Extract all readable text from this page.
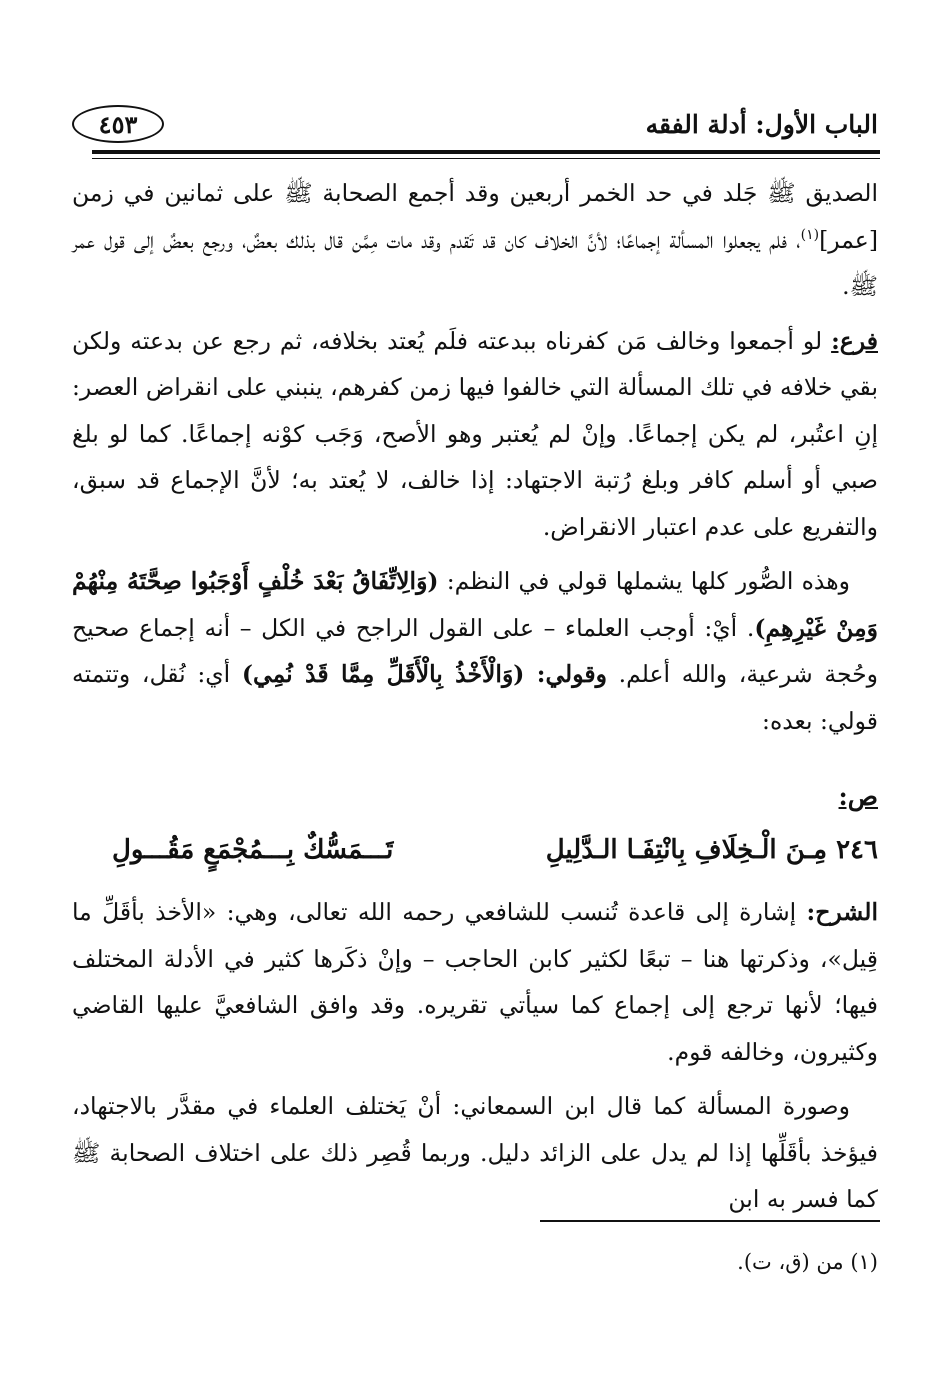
الباب الأول: أدلة الفقه
٤٥٣

الصديق ﷺ جَلد في حد الخمر أربعين وقد أجمع الصحابة ﷺ على ثمانين في زمن [عمر]$^{(١)}$، فلم يجعلوا المسألة إجماعًا؛ لأنَّ الخلاف كان قد تَقدم وقد مات مِمَّن قال بذلك بعضٌ، ورجع بعضٌ إلى قول عمر ﷺ.

فرع: لو أجمعوا وخالف مَن كفرناه ببدعته فلَم يُعتد بخلافه، ثم رجع عن بدعته ولكن بقي خلافه في تلك المسألة التي خالفوا فيها زمن كفرهم، ينبني على انقراض العصر: إنِ اعتُبر، لم يكن إجماعًا. وإنْ لم يُعتبر وهو الأصح، وَجَب كوْنه إجماعًا. كما لو بلغ صبي أو أسلم كافر وبلغ رُتبة الاجتهاد: إذا خالف، لا يُعتد به؛ لأنَّ الإجماع قد سبق، والتفريع على عدم اعتبار الانقراض.

وهذه الصُّور كلها يشملها قولي في النظم: (وَالِاتِّفَاقُ بَعْدَ خُلْفٍ أَوْجَبُوا صِحَّتَهُ مِنْهُمْ وَمِنْ غَيْرِهِمِ). أيْ: أوجب العلماء – على القول الراجح في الكل – أنه إجماع صحيح وحُجة شرعية، والله أعلم. وقولي: (وَالْأَخْذُ بِالْأَقَلِّ مِمَّا قَدْ نُمِي) أي: نُقل، وتتمته قولي: بعده:

ص:
٢٤٦ مِـنَ الْـخِلَافِ بِانْتِفَـا الـدَّلِيلِ
تَـــمَسُّكٌ بِـــمُجْمَعٍ مَقُـــولِ

الشرح: إشارة إلى قاعدة تُنسب للشافعي رحمه الله تعالى، وهي: «الأخذ بأقَلِّ ما قِيل»، وذكرتها هنا – تبعًا لكثير كابن الحاجب – وإنْ ذكَرها كثير في الأدلة المختلف فيها؛ لأنها ترجع إلى إجماع كما سيأتي تقريره. وقد وافق الشافعيَّ عليها القاضي وكثيرون، وخالفه قوم.

وصورة المسألة كما قال ابن السمعاني: أنْ يَختلف العلماء في مقدَّر بالاجتهاد، فيؤخذ بأقَلِّها إذا لم يدل على الزائد دليل. وربما قُصِر ذلك على اختلاف الصحابة ﷺ كما فسر به ابن

(١) من (ق، ت).
